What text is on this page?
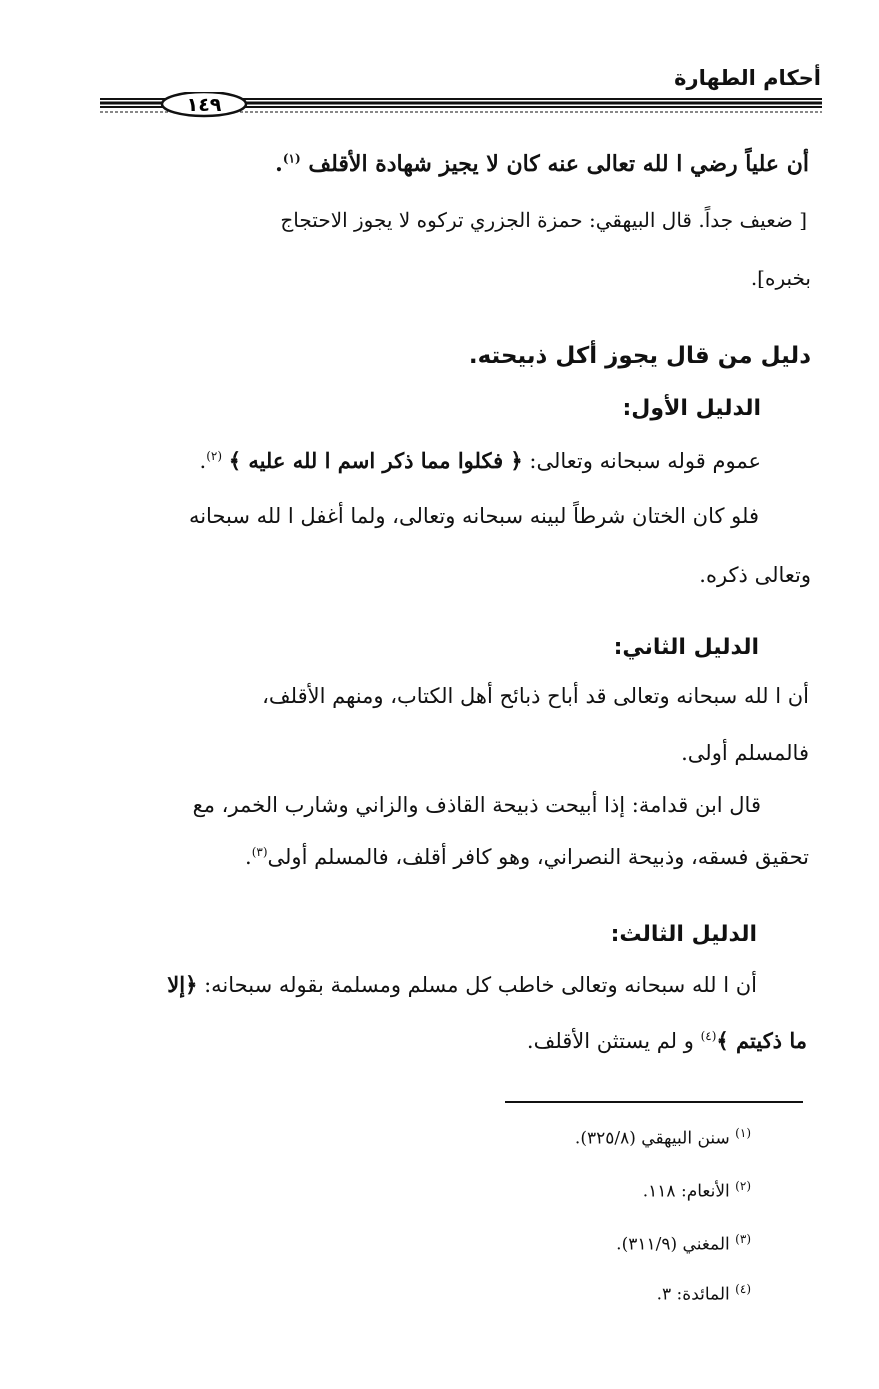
أحكام الطهارة
١٤٩
أن علياً رضي ا لله تعالى عنه كان لا يجيز شهادة الأقلف $^{(١)}$.
[ ضعيف جداً. قال البيهقي: حمزة الجزري تركوه لا يجوز الاحتجاج
بخبره].
دليل من قال يجوز أكل ذبيحته.
الدليل الأول:
عموم قوله سبحانه وتعالى: ﴿ فكلوا مما ذكر اسم ا لله عليه ﴾ $^{(٢)}$.
فلو كان الختان شرطاً لبينه سبحانه وتعالى، ولما أغفل ا لله سبحانه
وتعالى ذكره.
الدليل الثاني:
أن ا لله سبحانه وتعالى قد أباح ذبائح أهل الكتاب، ومنهم الأقلف،
فالمسلم أولى.
قال ابن قدامة: إذا أبيحت ذبيحة القاذف والزاني وشارب الخمر، مع
تحقيق فسقه، وذبيحة النصراني، وهو كافر أقلف، فالمسلم أولى$^{(٣)}$.
الدليل الثالث:
أن ا لله سبحانه وتعالى خاطب كل مسلم ومسلمة بقوله سبحانه: ﴿إلا
ما ذكيتم ﴾$^{(٤)}$ و لم يستثن الأقلف.
$^{(١)}$ سنن البيهقي (٣٢٥/٨).
$^{(٢)}$ الأنعام: ١١٨.
$^{(٣)}$ المغني (٣١١/٩).
$^{(٤)}$ المائدة: ٣.
